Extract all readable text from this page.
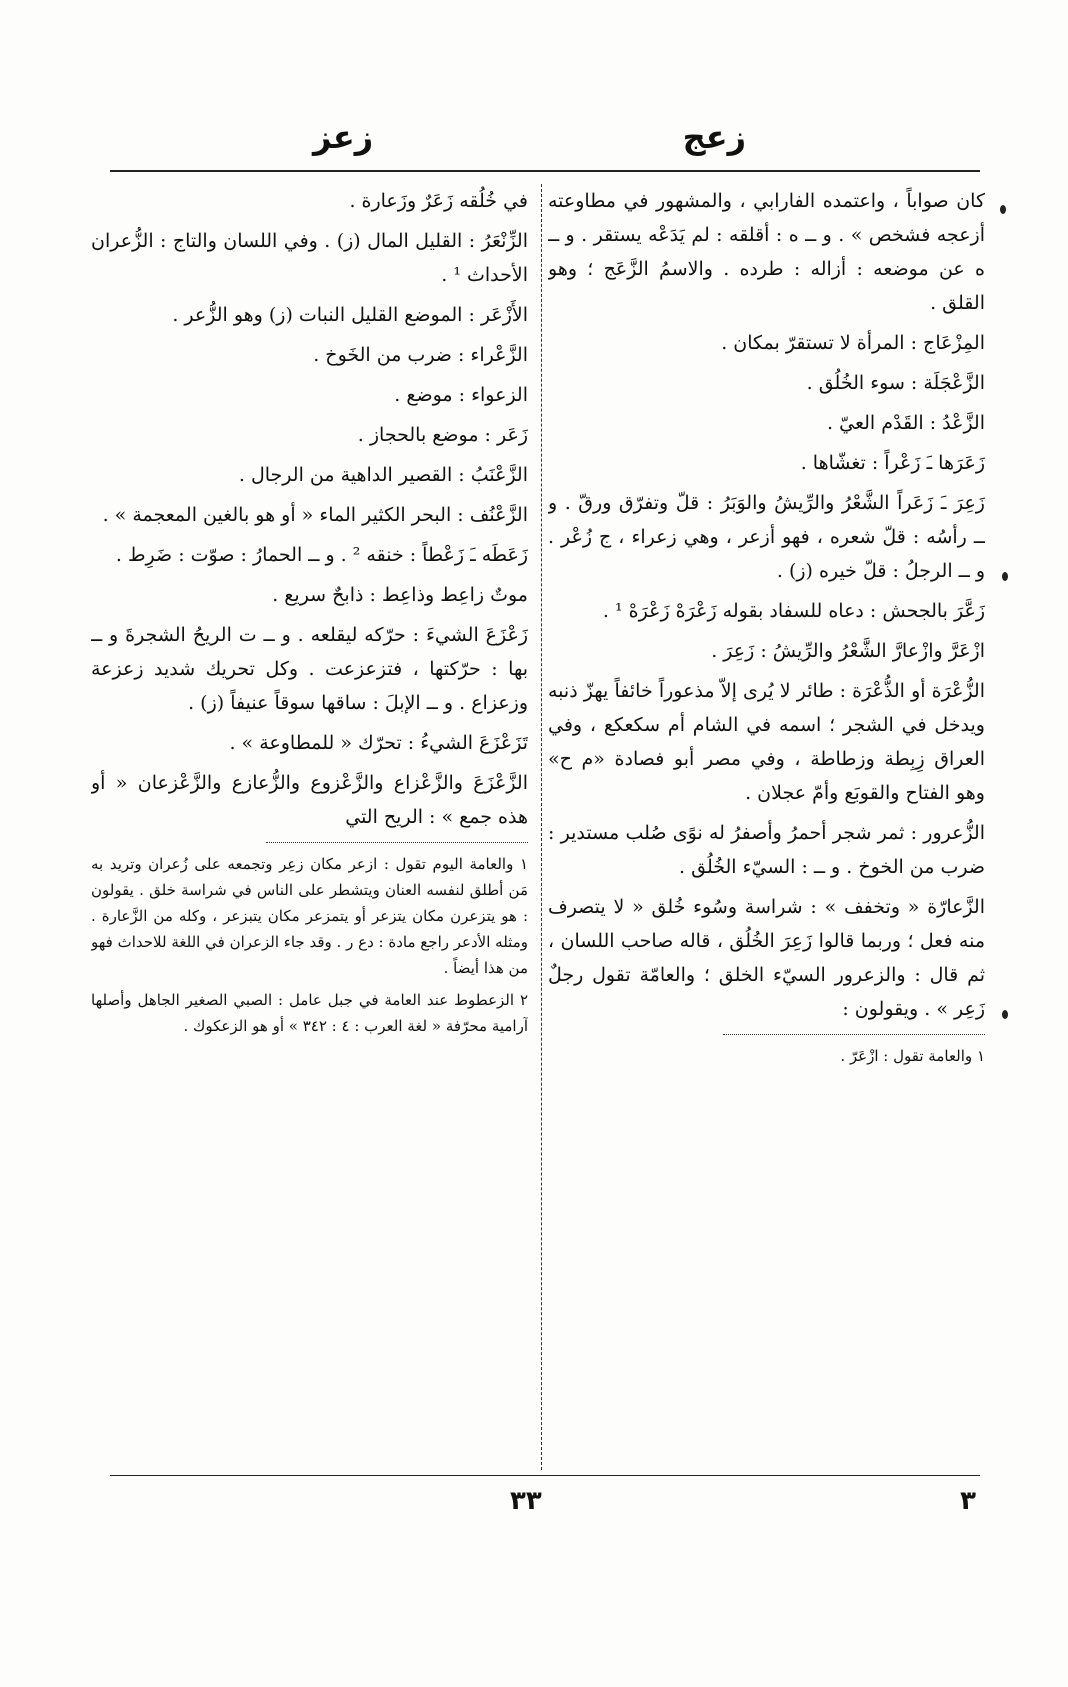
زعج
زعز

كان صواباً ، واعتمده الفارابي ، والمشهور في مطاوعته أزعجه فشخص » . و ــ ه : أقلقه : لم يَدَعْه يستقر . و ــ ه عن موضعه : أزاله : طرده . والاسمُ الزَّعَج ؛ وهو القلق .

المِزْعَاج : المرأة لا تستقرّ بمكان .

الزَّعْجَلَة : سوء الخُلُق .

الزَّعْدُ : القَدْم العيّ .

زَعَرَها ـَ زَعْراً : تغشّاها .

زَعِرَ ـَ زَعَراً الشَّعْرُ والرِّيشُ والوَبَرُ : قلّ وتفرّق ورقّ . و ــ رأسُه : قلّ شعره ، فهو أزعر ، وهي زعراء ، ج زُعْر . و ــ الرجلُ : قلّ خيره (ز) .

زَعَّرَ بالجحش : دعاه للسفاد بقوله زَعْرَهْ زَعْرَهْ ¹ .

ازْعَرَّ وازْعارَّ الشَّعْرُ والرِّيشُ : زَعِرَ .

الزُّعْرَة أو الذُّعْرَة : طائر لا يُرى إلاّ مذعوراً خائفاً يهزّ ذنبه ويدخل في الشجر ؛ اسمه في الشام أم سكعكع ، وفي العراق زِبِطة وزطاطة ، وفي مصر أبو فصادة «م ح» وهو الفتاح والقوبَع وأمّ عجلان .

الزُّعرور : ثمر شجر أحمرُ وأصفرُ له نوًى صُلب مستدير : ضرب من الخوخ . و ــ : السيّء الخُلُق .

الزَّعارّة « وتخفف » : شراسة وسُوء خُلق « لا يتصرف منه فعل ؛ وربما قالوا زَعِرَ الخُلُق ، قاله صاحب اللسان ، ثم قال : والزعرور السيّء الخلق ؛ والعامّة تقول رجلٌ زَعِر » . ويقولون :

١ والعامة تقول : ازْعَرّ .

في خُلُقه زَعَرٌ وزَعارة .

الزِّنْعَرُ : القليل المال (ز) . وفي اللسان والتاج : الزُّعران الأحداث ¹ .

الأَزْعَر : الموضع القليل النبات (ز) وهو الزُّعر .

الزَّعْراء : ضرب من الخَوخ .

الزعواء : موضع .

زَعَر : موضع بالحجاز .

الزَّعْنَبُ : القصير الداهية من الرجال .

الزَّعْنُف : البحر الكثير الماء « أو هو بالغين المعجمة » .

زَعَطَه ـَ زَعْطاً : خنقه ² . و ــ الحمارُ : صوّت : ضَرِط .

موتٌ زاعِط وذاعِط : ذابحٌ سريع .

زَعْزَعَ الشيءَ : حرّكه ليقلعه . و ــ ت الريحُ الشجرةَ و ــ بها : حرّكتها ، فتزعزعت . وكل تحريك شديد زعزعة وزعزاع . و ــ الإبلَ : ساقها سوقاً عنيفاً (ز) .

تَزَعْزَعَ الشيءُ : تحرّك « للمطاوعة » .

الزَّعْزَعَ والزَّعْزاع والزَّعْزوع والزُّعازع والزَّعْزعان « أو هذه جمع » : الريح التي

١ والعامة اليوم تقول : ازعر مكان زعِر وتجمعه على زُعران وتريد به مَن أطلق لنفسه العنان ويتشطر على الناس في شراسة خلق . يقولون : هو يتزعرن مكان يتزعر أو يتمزعر مكان يتبزعر ، وكله من الزَّعارة . ومثله الأدعر راجع مادة : دع ر . وقد جاء الزعران في اللغة للاحداث فهو من هذا أيضاً .

٢ الزعطوط عند العامة في جبل عامل : الصبي الصغير الجاهل وأصلها آرامية محرّفة « لغة العرب : ٤ : ٣٤٢ » أو هو الزعكوك .

٣
٣٣
